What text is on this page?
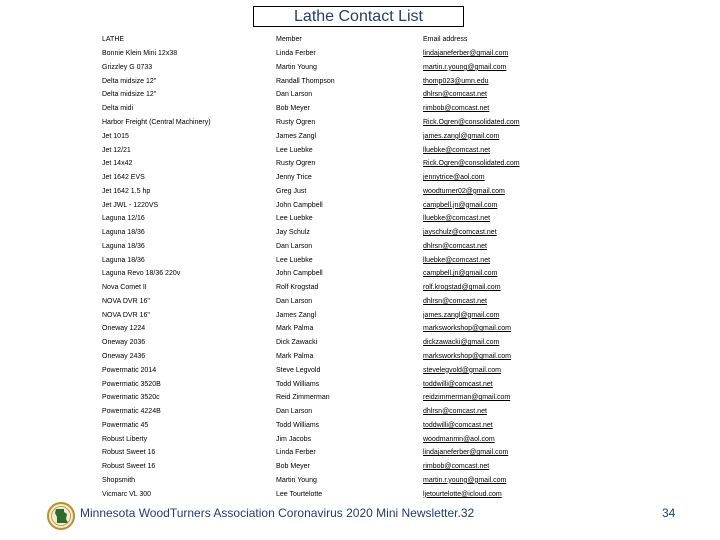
Lathe Contact List
LATHE	Member	Email address
Bonnie Klein Mini 12x38	Linda Ferber	lindajaneferber@gmail.com
Grizzley G 0733	Martin Young	martin.r.young@gmail.com
Delta midsize 12"	Randall Thompson	thomp023@umn.edu
Delta midsize 12"	Dan Larson	dhlrsn@comcast.net
Delta midi	Bob Meyer	rimbob@comcast.net
Harbor Freight (Central Machinery)	Rusty Ogren	Rick.Ogren@consolidated.com
Jet 1015	James Zangl	james.zangl@gmail.com
Jet 12/21	Lee Luebke	lluebke@comcast.net
Jet 14x42	Rusty Ogren	Rick.Ogren@consolidated.com
Jet 1642 EVS	Jenny Trice	jennytrice@aol.com
Jet 1642 1.5 hp	Greg Just	woodturner02@gmail.com
Jet JWL - 1220VS	John Campbell	campbell.jn@gmail.com
Laguna 12/16	Lee Luebke	lluebke@comcast.net
Laguna 18/36	Jay Schulz	jayschulz@comcast.net
Laguna 18/36	Dan Larson	dhlrsn@comcast.net
Laguna 18/36	Lee Luebke	lluebke@comcast.net
Laguna Revo 18/36 220v	John Campbell	campbell.jn@gmail.com
Nova Comet II	Rolf Krogstad	rolf.krogstad@gmail.com
NOVA DVR 16"	Dan Larson	dhlrsn@comcast.net
NOVA DVR 16"	James Zangl	james.zangl@gmail.com
Oneway 1224	Mark Palma	marksworkshop@gmail.com
Oneway 2036	Dick Zawacki	dickzawacki@gmail.com
Oneway 2436	Mark Palma	marksworkshop@gmail.com
Powermatic 2014	Steve Legvold	stevelegvold@gmail.com
Powermatic 3520B	Todd Williams	toddwilli@comcast.net
Powermatic 3520c	Reid Zimmerman	reidzimmerman@gmail.com
Powermatic 4224B	Dan Larson	dhlrsn@comcast.net
Powermatic 45	Todd Williams	toddwilli@comcast.net
Robust Liberty	Jim Jacobs	woodmanmn@aol.com
Robust Sweet 16	Linda Ferber	lindajaneferber@gmail.com
Robust Sweet 16	Bob Meyer	rimbob@comcast.net
Shopsmith	Martin Young	martin.r.young@gmail.com
Vicmarc VL 300	Lee Tourtelotte	ljetourtelotte@icloud.com
Minnesota WoodTurners Association Coronavirus 2020 Mini Newsletter.32	34
